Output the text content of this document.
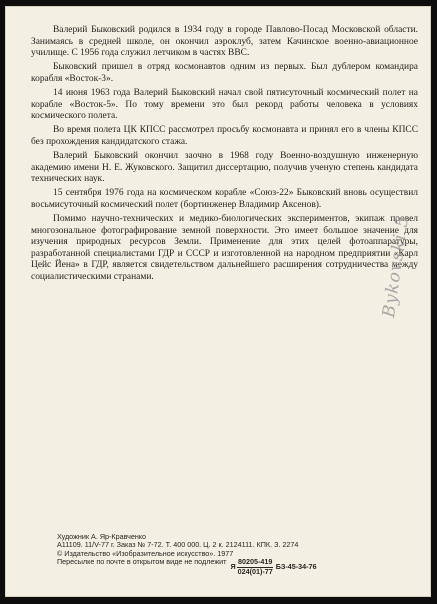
Валерий Быковский родился в 1934 году в городе Павлово-Посад Московской области. Занимаясь в средней школе, он окончил аэроклуб, затем Качинское военно-авиационное училище. С 1956 года служил летчиком в частях ВВС.

Быковский пришел в отряд космонавтов одним из первых. Был дублером командира корабля «Восток-3».

14 июня 1963 года Валерий Быковский начал свой пятисуточный космический полет на корабле «Восток-5». По тому времени это был рекорд работы человека в условиях космического полета.

Во время полета ЦК КПСС рассмотрел просьбу космонавта и принял его в члены КПСС без прохождения кандидатского стажа.

Валерий Быковский окончил заочно в 1968 году Военно-воздушную инженерную академию имени Н. Е. Жуковского. Защитил диссертацию, получив ученую степень кандидата технических наук.

15 сентября 1976 года на космическом корабле «Союз-22» Быковский вновь осуществил восьмисуточный космический полет (бортинженер Владимир Аксенов).

Помимо научно-технических и медико-биологических экспериментов, экипаж провел многозональное фотографирование земной поверхности. Это имеет большое значение для изучения природных ресурсов Земли. Применение для этих целей фотоаппаратуры, разработанной специалистами ГДР и СССР и изготовленной на народном предприятии «Карл Цейс Йена» в ГДР, является свидетельством дальнейшего расширения сотрудничества между социалистическими странами.	Bykovski 5
Художник А. Яр-Кравченко
А11109. 11/V-77 г. Заказ № 7-72. Т. 400 000. Ц. 2 к. 2124111. КПК. З. 2274
© Издательство «Изобразительное искусство». 1977
Пересылке по почте в открытом виде не подлежит
Я $\frac{80205-419}{024(01)-77} БЗ-45-34-76$
